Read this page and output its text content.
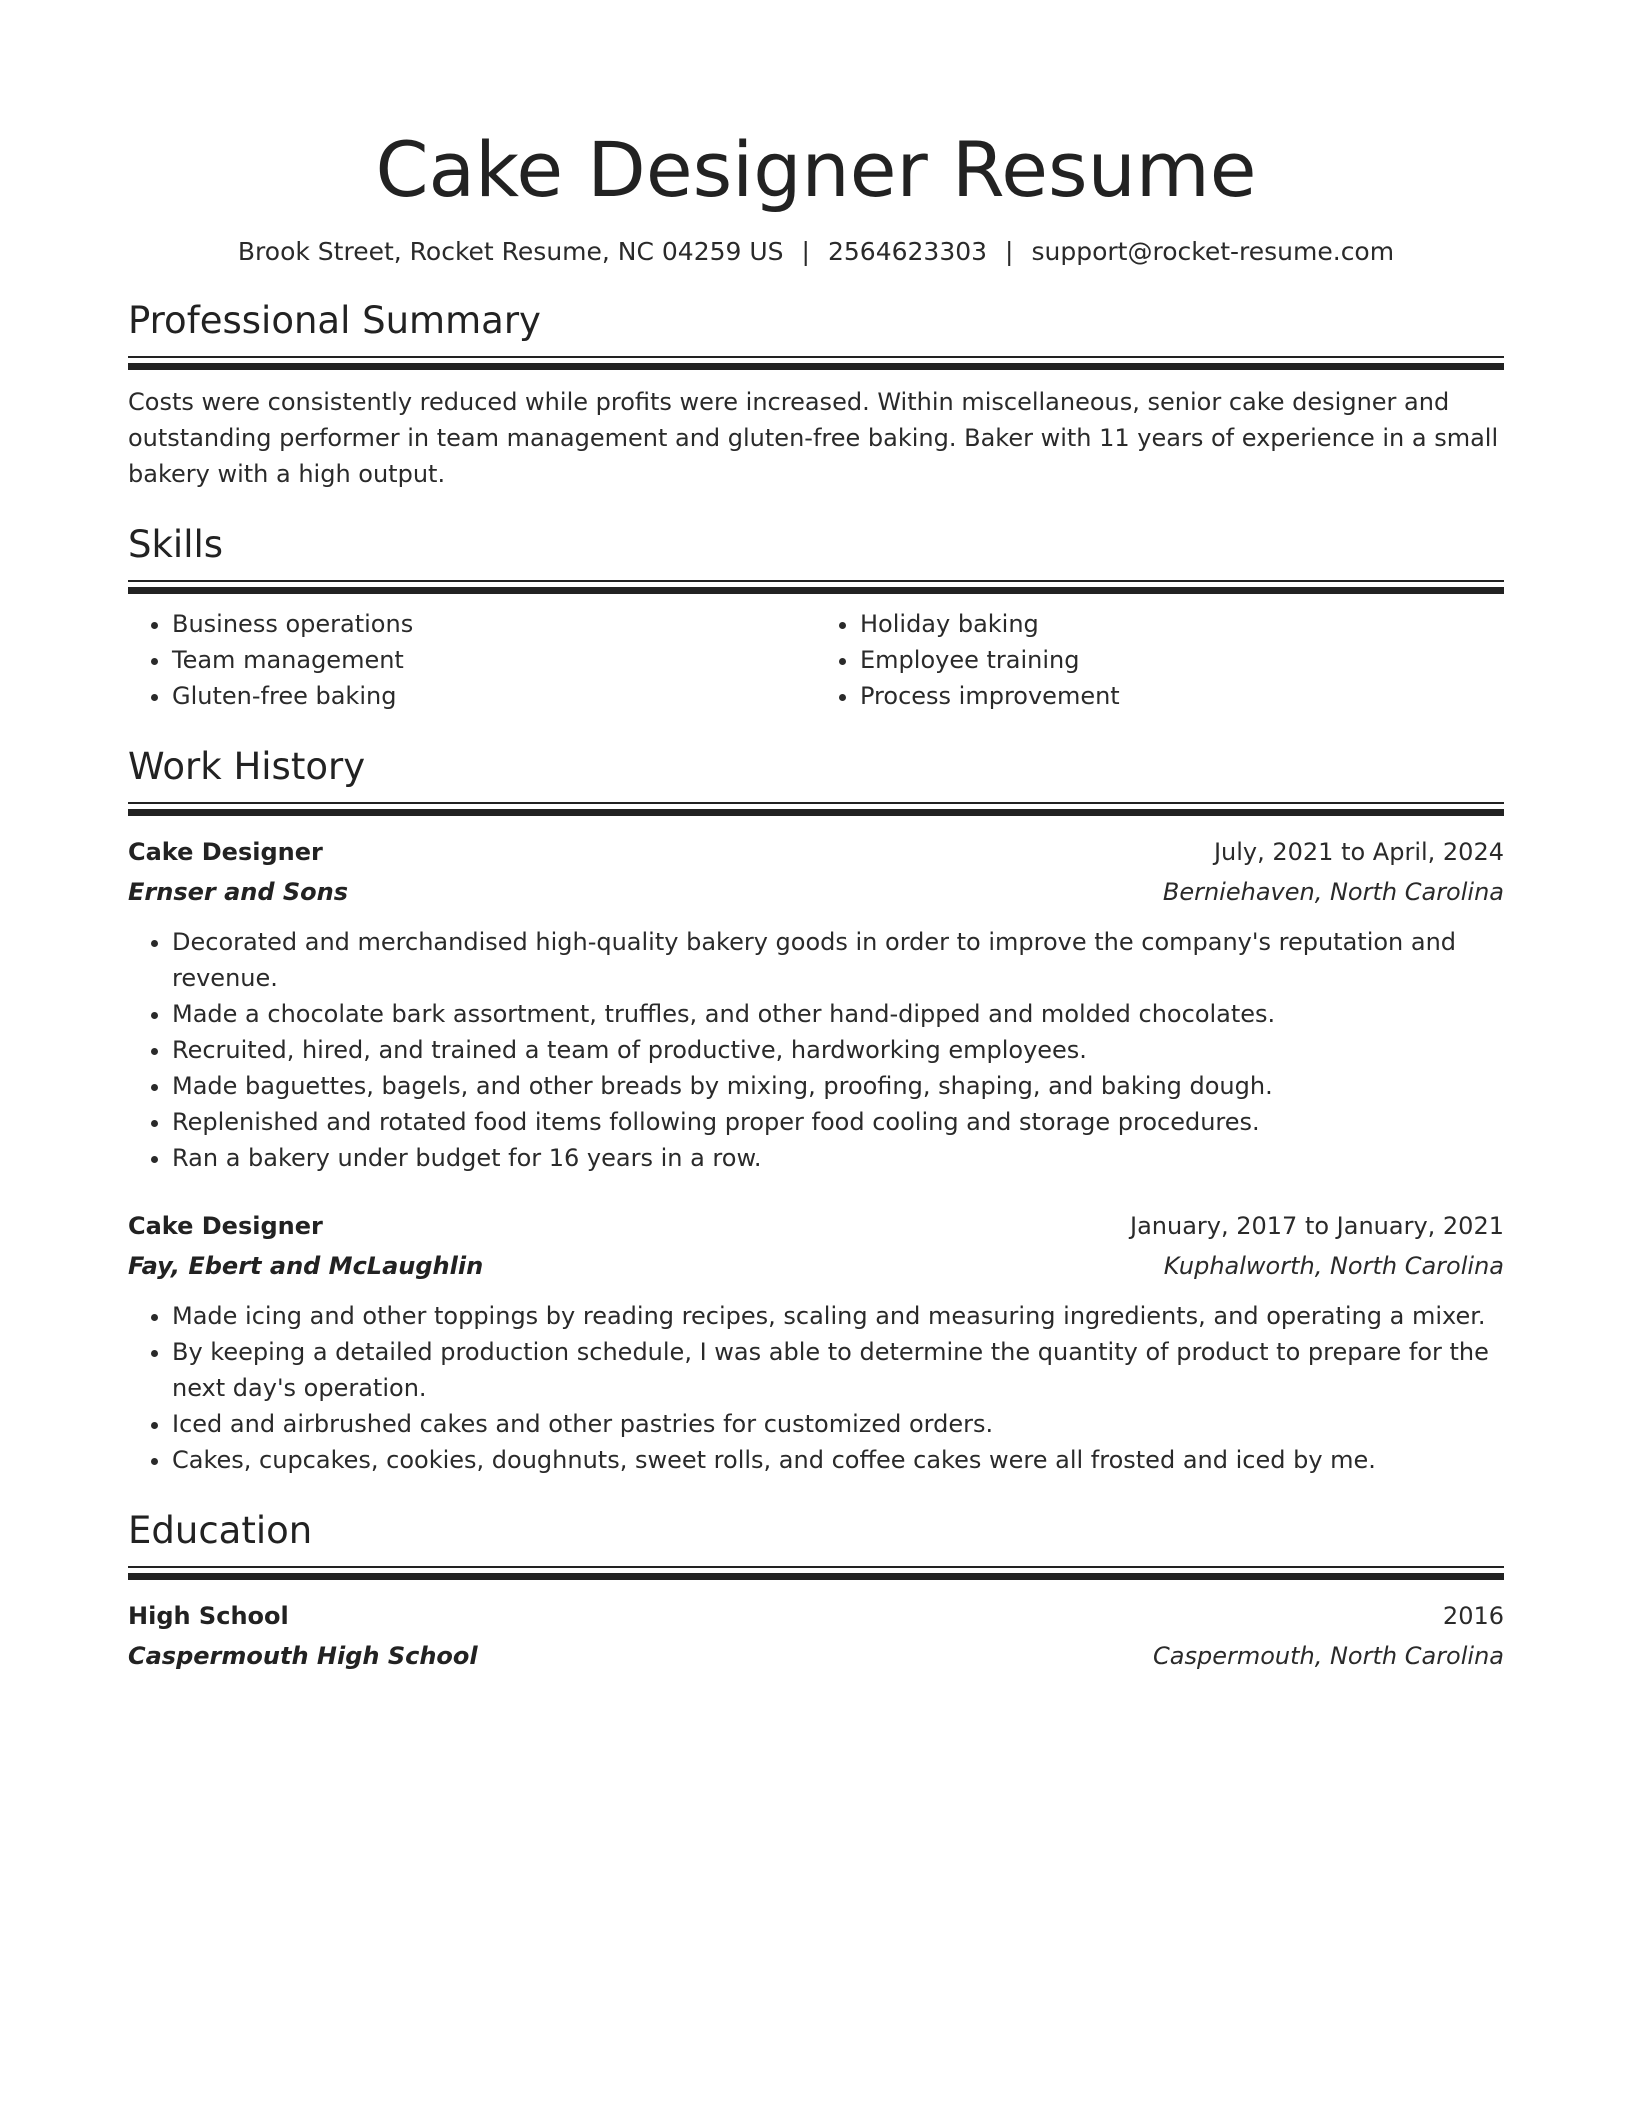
Cake Designer Resume
Brook Street, Rocket Resume, NC 04259 US | 2564623303 | support@rocket-resume.com
Professional Summary
Costs were consistently reduced while profits were increased. Within miscellaneous, senior cake designer and outstanding performer in team management and gluten-free baking. Baker with 11 years of experience in a small bakery with a high output.
Skills
• Business operations
• Team management
• Gluten-free baking
• Holiday baking
• Employee training
• Process improvement
Work History
Cake Designer	July, 2021 to April, 2024
Ernser and Sons	Berniehaven, North Carolina
• Decorated and merchandised high-quality bakery goods in order to improve the company's reputation and revenue.
• Made a chocolate bark assortment, truffles, and other hand-dipped and molded chocolates.
• Recruited, hired, and trained a team of productive, hardworking employees.
• Made baguettes, bagels, and other breads by mixing, proofing, shaping, and baking dough.
• Replenished and rotated food items following proper food cooling and storage procedures.
• Ran a bakery under budget for 16 years in a row.
Cake Designer	January, 2017 to January, 2021
Fay, Ebert and McLaughlin	Kuphalworth, North Carolina
• Made icing and other toppings by reading recipes, scaling and measuring ingredients, and operating a mixer.
• By keeping a detailed production schedule, I was able to determine the quantity of product to prepare for the next day's operation.
• Iced and airbrushed cakes and other pastries for customized orders.
• Cakes, cupcakes, cookies, doughnuts, sweet rolls, and coffee cakes were all frosted and iced by me.
Education
High School	2016
Caspermouth High School	Caspermouth, North Carolina
